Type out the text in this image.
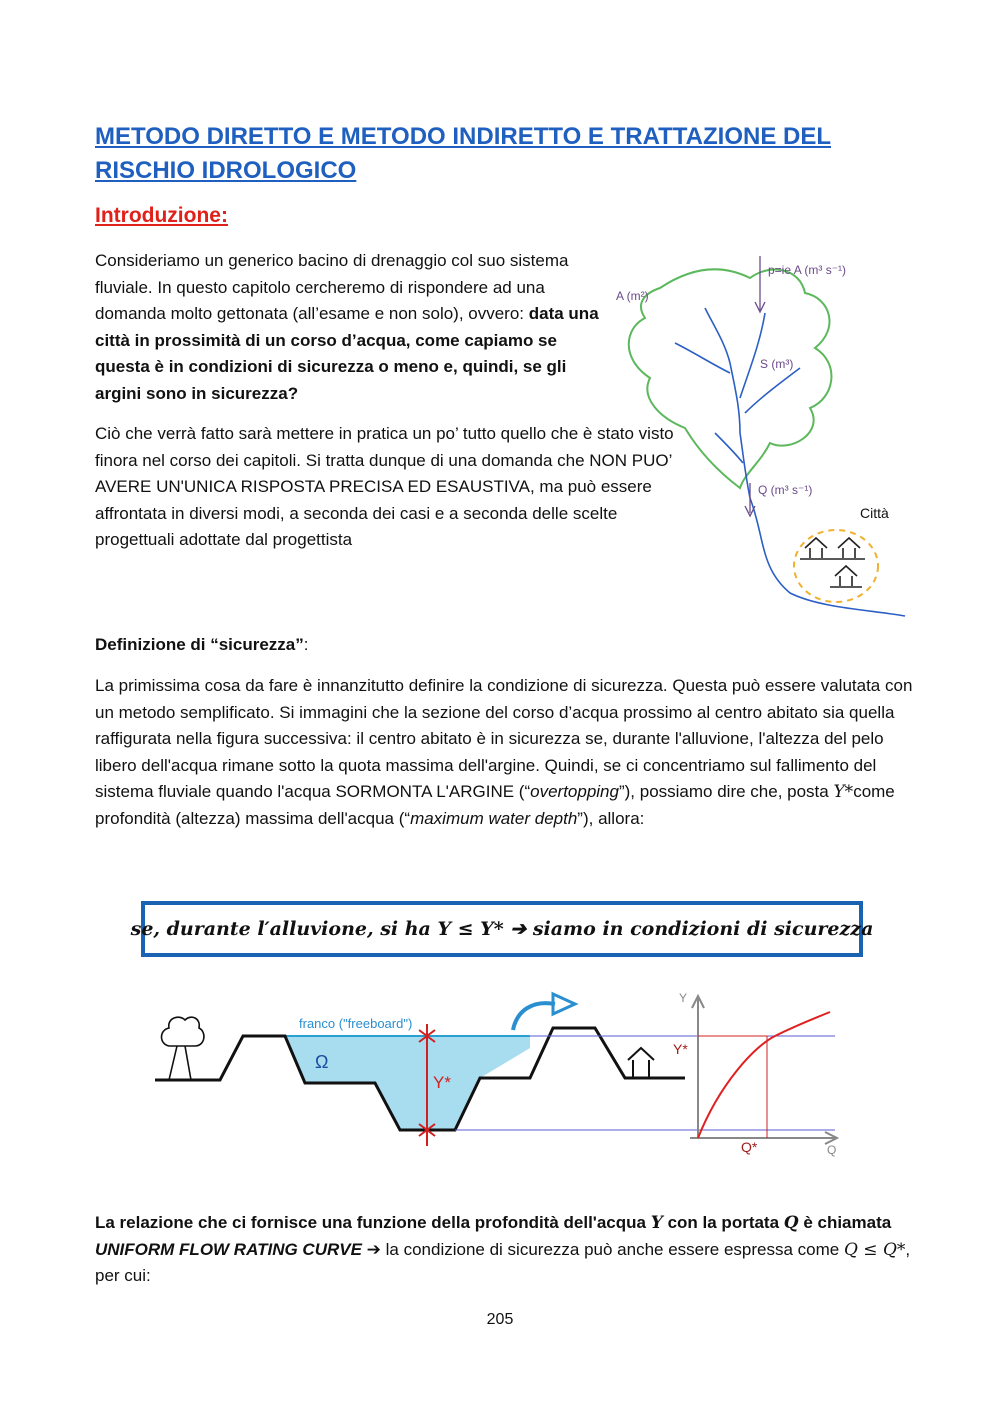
METODO DIRETTO E METODO INDIRETTO E TRATTAZIONE DEL RISCHIO IDROLOGICO
Introduzione:
Consideriamo un generico bacino di drenaggio col suo sistema fluviale. In questo capitolo cercheremo di rispondere ad una domanda molto gettonata (all’esame e non solo), ovvero: data una città in prossimità di un corso d’acqua, come capiamo se questa è in condizioni di sicurezza o meno e, quindi, se gli argini sono in sicurezza?
Ciò che verrà fatto sarà mettere in pratica un po’ tutto quello che è stato visto finora nel corso dei capitoli. Si tratta dunque di una domanda che NON PUO’ AVERE UN'UNICA RISPOSTA PRECISA ED ESAUSTIVA, ma può essere affrontata in diversi modi, a seconda dei casi e a seconda delle scelte progettuali adottate dal progettista
p=ie A (m³ s⁻¹)
A (m²)
S (m³)
Q (m³ s⁻¹)
Città
Definizione di “sicurezza”:
La primissima cosa da fare è innanzitutto definire la condizione di sicurezza. Questa può essere valutata con un metodo semplificato. Si immagini che la sezione del corso d’acqua prossimo al centro abitato sia quella raffigurata nella figura successiva: il centro abitato è in sicurezza se, durante l'alluvione, l'altezza del pelo libero dell'acqua rimane sotto la quota massima dell'argine. Quindi, se ci concentriamo sul fallimento del sistema fluviale quando l'acqua SORMONTA L'ARGINE (“overtopping”), possiamo dire che, posta Y*come profondità (altezza) massima dell'acqua (“maximum water depth”), allora:
se, durante l′alluvione, si ha Y ≤ Y* ➔ siamo in condizioni di sicurezza
franco ("freeboard")
Ω
Y*
Y
Q
Y*
Q*
La relazione che ci fornisce una funzione della profondità dell'acqua Y con la portata Q è chiamata UNIFORM FLOW RATING CURVE ➔ la condizione di sicurezza può anche essere espressa come Q ≤ Q*, per cui:
205
